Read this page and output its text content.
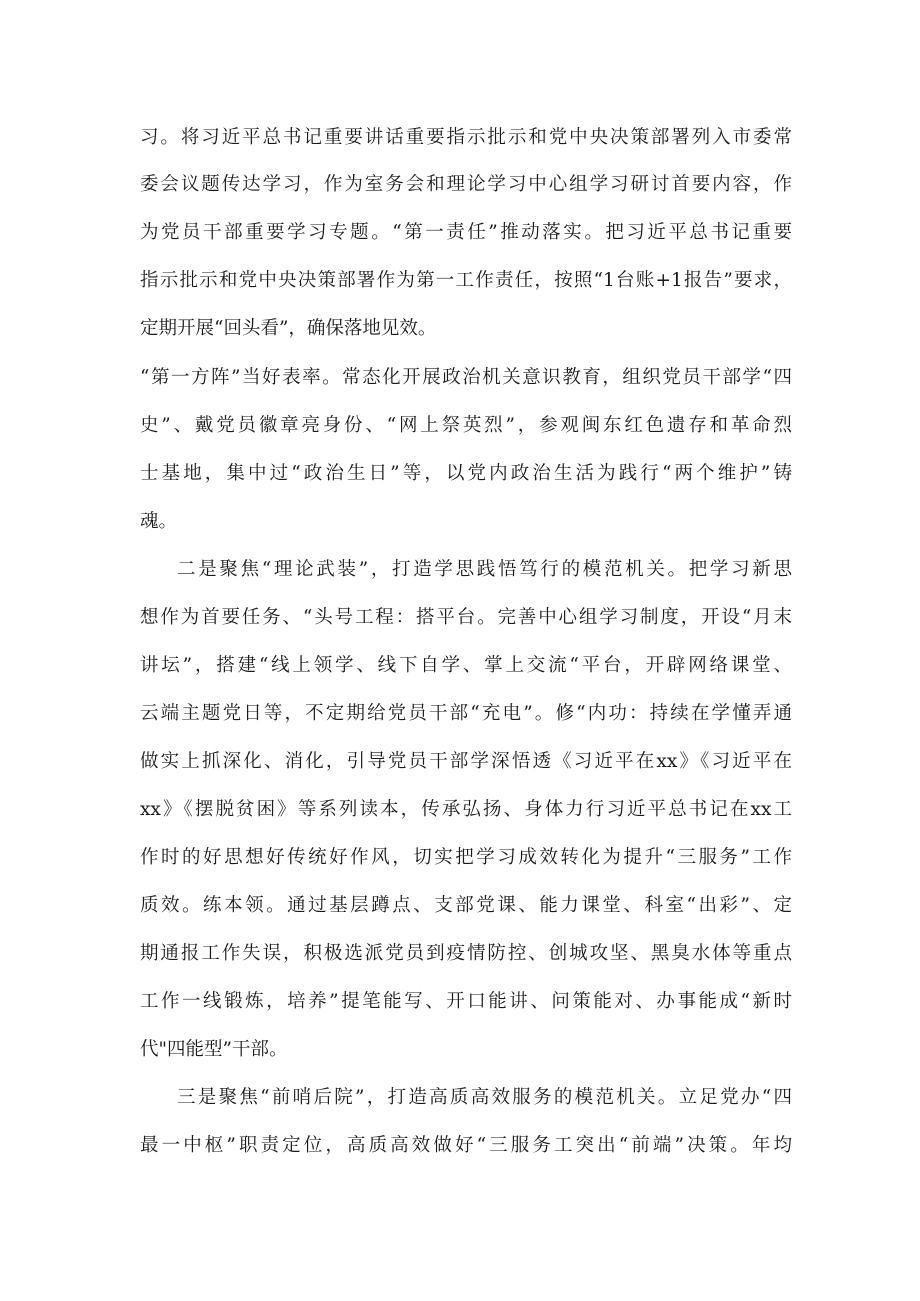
习。将习近平总书记重要讲话重要指示批示和党中央决策部署列入市委常
委会议题传达学习，作为室务会和理论学习中心组学习研讨首要内容，作
为党员干部重要学习专题。“第一责任”推动落实。把习近平总书记重要
指示批示和党中央决策部署作为第一工作责任，按照“1台账+1报告”要求，
定期开展“回头看”，确保落地见效。
“第一方阵”当好表率。常态化开展政治机关意识教育，组织党员干部学“四
史”、戴党员徽章亮身份、“网上祭英烈”，参观闽东红色遗存和革命烈
士基地，集中过“政治生日”等，以党内政治生活为践行“两个维护”铸
魂。
二是聚焦“理论武装”，打造学思践悟笃行的模范机关。把学习新思
想作为首要任务、“头号工程：搭平台。完善中心组学习制度，开设“月末
讲坛”，搭建“线上领学、线下自学、掌上交流“平台，开辟网络课堂、
云端主题党日等，不定期给党员干部“充电”。修“内功：持续在学懂弄通
做实上抓深化、消化，引导党员干部学深悟透《习近平在xx》《习近平在
xx》《摆脱贫困》等系列读本，传承弘扬、身体力行习近平总书记在xx工
作时的好思想好传统好作风，切实把学习成效转化为提升“三服务”工作
质效。练本领。通过基层蹲点、支部党课、能力课堂、科室“出彩”、定
期通报工作失误，积极选派党员到疫情防控、创城攻坚、黑臭水体等重点
工作一线锻炼，培养”提笔能写、开口能讲、问策能对、办事能成“新时
代"四能型”干部。
三是聚焦“前哨后院”，打造高质高效服务的模范机关。立足党办“四
最一中枢”职责定位，高质高效做好“三服务工突出“前端”决策。年均
